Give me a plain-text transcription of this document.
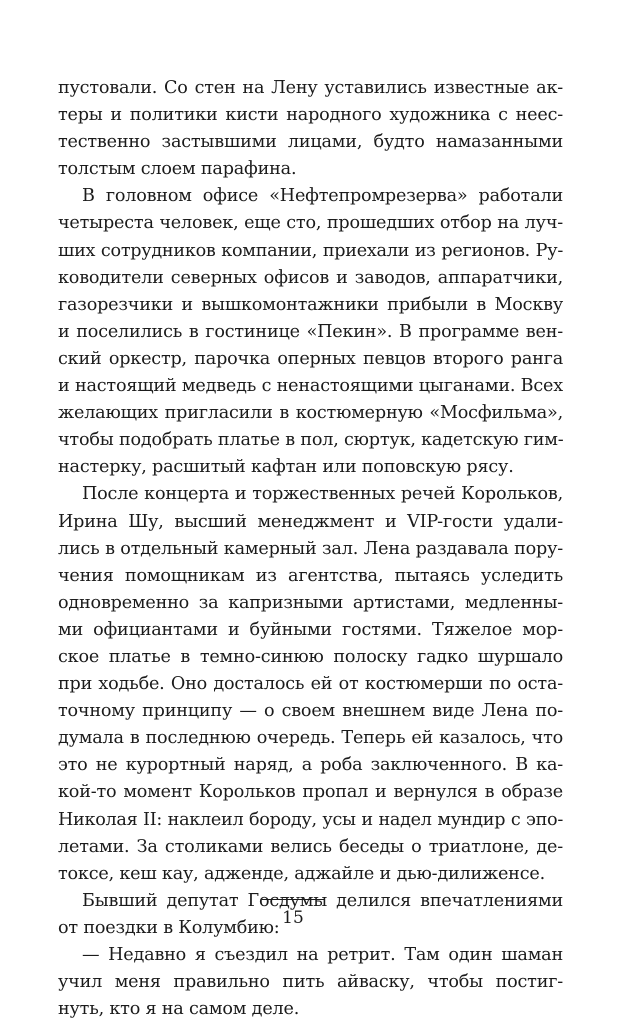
пустовали. Со стен на Лену уставились известные ак-
теры и политики кисти народного художника с неес-
тественно застывшими лицами, будто намазанными
толстым слоем парафина.
В головном офисе «Нефтепромрезерва» работали
четыреста человек, еще сто, прошедших отбор на луч-
ших сотрудников компании, приехали из регионов. Ру-
ководители северных офисов и заводов, аппаратчики,
газорезчики и вышкомонтажники прибыли в Москву
и поселились в гостинице «Пекин». В программе вен-
ский оркестр, парочка оперных певцов второго ранга
и настоящий медведь с ненастоящими цыганами. Всех
желающих пригласили в костюмерную «Мосфильма»,
чтобы подобрать платье в пол, сюртук, кадетскую гим-
настерку, расшитый кафтан или поповскую рясу.
После концерта и торжественных речей Корольков,
Ирина Шу, высший менеджмент и VIP-гости удали-
лись в отдельный камерный зал. Лена раздавала пору-
чения помощникам из агентства, пытаясь уследить
одновременно за капризными артистами, медленны-
ми официантами и буйными гостями. Тяжелое мор-
ское платье в темно-синюю полоску гадко шуршало
при ходьбе. Оно досталось ей от костюмерши по оста-
точному принципу — о своем внешнем виде Лена по-
думала в последнюю очередь. Теперь ей казалось, что
это не курортный наряд, а роба заключенного. В ка-
кой-то момент Корольков пропал и вернулся в образе
Николая II: наклеил бороду, усы и надел мундир с эпо-
летами. За столиками велись беседы о триатлоне, де-
токсе, кеш кау, адженде, аджайле и дью-дилиженсе.
Бывший депутат Госдумы делился впечатлениями
от поездки в Колумбию:
— Недавно я съездил на ретрит. Там один шаман
учил меня правильно пить айваску, чтобы постиг-
нуть, кто я на самом деле.
15
